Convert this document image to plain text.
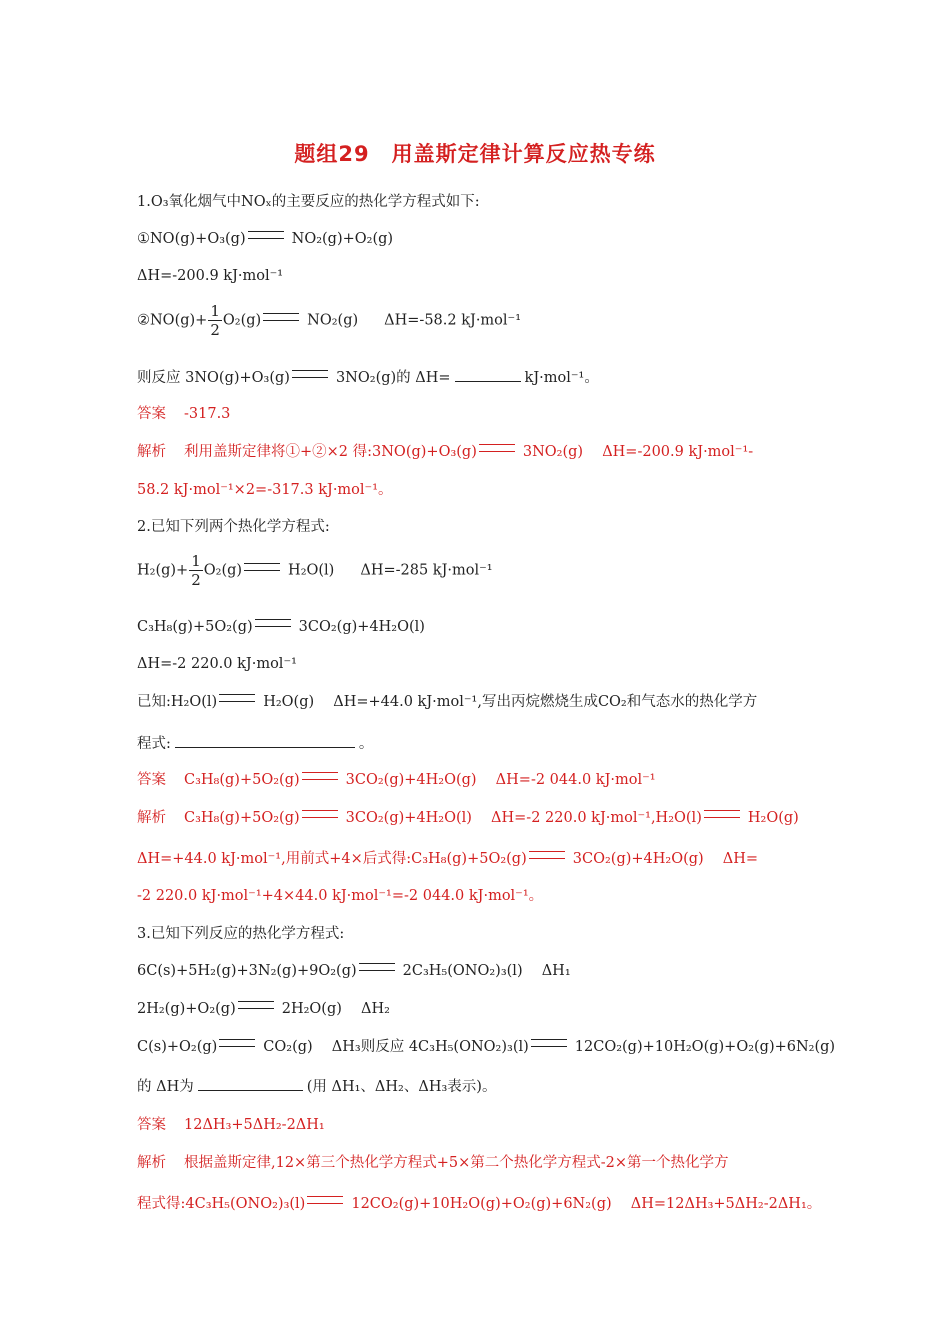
题组29　用盖斯定律计算反应热专练
1.O₃氧化烟气中NOₓ的主要反应的热化学方程式如下:
①NO(g)+O₃(g)	NO₂(g)+O₂(g)
ΔH=-200.9 kJ·mol⁻¹
②NO(g)+ $\frac{1}{2} O_2(g)$	NO₂(g) ΔH=-58.2 kJ·mol⁻¹
则反应 3NO(g)+O₃(g)	3NO₂(g)的 ΔH=	kJ·mol⁻¹。
答案 -317.3
解析 利用盖斯定律将①+②×2 得:3NO(g)+O₃(g)	3NO₂(g)　 ΔH=-200.9 kJ·mol⁻¹-
58.2 kJ·mol⁻¹×2=-317.3 kJ·mol⁻¹。
2.已知下列两个热化学方程式:
$H_2(g)+ \frac{1}{2} O_2(g)$	H₂O(l) ΔH=-285 kJ·mol⁻¹
C₃H₈(g)+5O₂(g)	3CO₂(g)+4H₂O(l)
ΔH=-2 220.0 kJ·mol⁻¹
已知:H₂O(l)	H₂O(g)　 ΔH=+44.0 kJ·mol⁻¹,写出丙烷燃烧生成CO₂和气态水的热化学方
程式:	。
答案 C₃H₈(g)+5O₂(g)	3CO₂(g)+4H₂O(g)　 ΔH=-2 044.0 kJ·mol⁻¹
解析 C₃H₈(g)+5O₂(g)	3CO₂(g)+4H₂O(l)　 ΔH=-2 220.0 kJ·mol⁻¹,H₂O(l)	H₂O(g)
ΔH=+44.0 kJ·mol⁻¹,用前式+4×后式得:C₃H₈(g)+5O₂(g)	3CO₂(g)+4H₂O(g)　 ΔH=
-2 220.0 kJ·mol⁻¹+4×44.0 kJ·mol⁻¹=-2 044.0 kJ·mol⁻¹。
3.已知下列反应的热化学方程式:
6C(s)+5H₂(g)+3N₂(g)+9O₂(g)	2C₃H₅(ONO₂)₃(l)　 ΔH₁
2H₂(g)+O₂(g)	2H₂O(g)　 ΔH₂
C(s)+O₂(g)	CO₂(g)　 ΔH₃则反应 4C₃H₅(ONO₂)₃(l)	12CO₂(g)+10H₂O(g)+O₂(g)+6N₂(g)
的 ΔH为	(用 ΔH₁、ΔH₂、ΔH₃表示)。
答案 12ΔH₃+5ΔH₂-2ΔH₁
解析 根据盖斯定律,12×第三个热化学方程式+5×第二个热化学方程式-2×第一个热化学方
程式得:4C₃H₅(ONO₂)₃(l)	12CO₂(g)+10H₂O(g)+O₂(g)+6N₂(g)　 ΔH=12ΔH₃+5ΔH₂-2ΔH₁。
